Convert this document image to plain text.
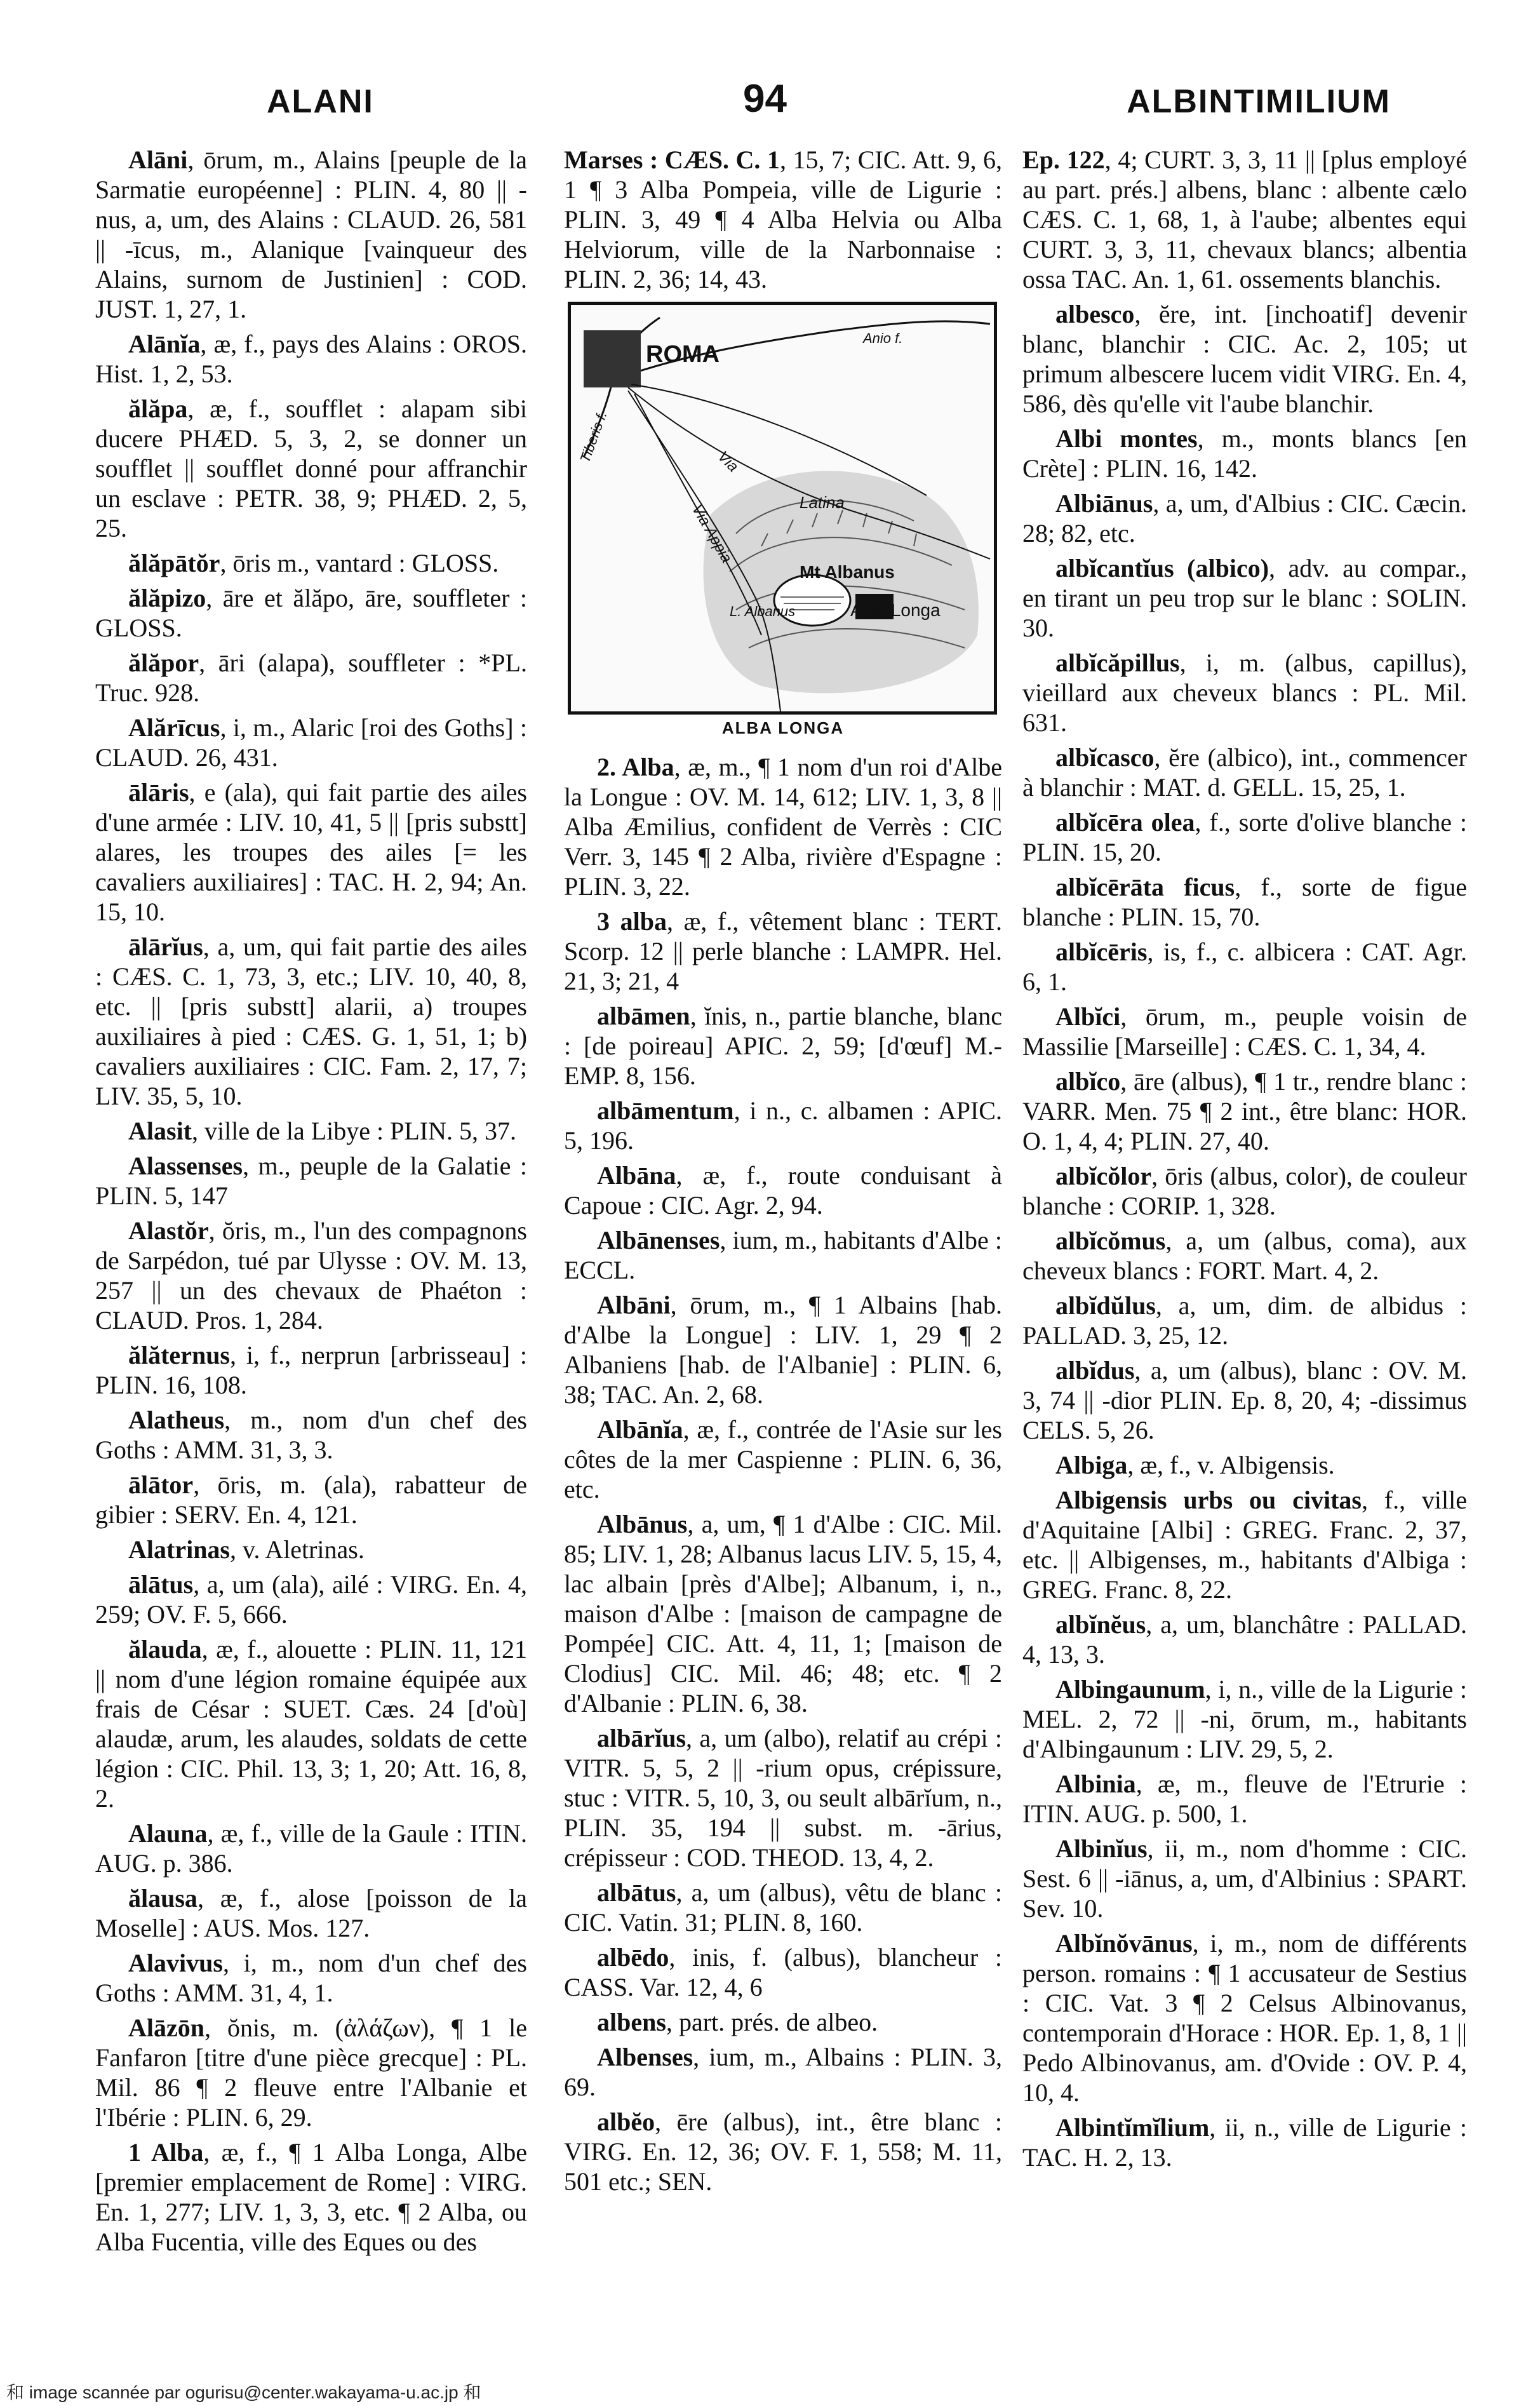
ALANI	94	ALBINTIMILIUM

Alāni, ōrum, m., Alains [peuple de la Sarmatie européenne] : PLIN. 4, 80 || -nus, a, um, des Alains : CLAUD. 26, 581 || -īcus, m., Alanique [vainqueur des Alains, surnom de Justinien] : COD. JUST. 1, 27, 1.

Alānĭa, æ, f., pays des Alains : OROS. Hist. 1, 2, 53.

ălăpa, æ, f., soufflet : alapam sibi ducere PHÆD. 5, 3, 2, se donner un soufflet || soufflet donné pour affranchir un esclave : PETR. 38, 9; PHÆD. 2, 5, 25.

ălăpātŏr, ōris m., vantard : GLOSS.

ălăpizo, āre et ălăpo, āre, souffleter : GLOSS.

ălăpor, āri (alapa), souffleter : *PL. Truc. 928.

Alărīcus, i, m., Alaric [roi des Goths] : CLAUD. 26, 431.

ālāris, e (ala), qui fait partie des ailes d'une armée : LIV. 10, 41, 5 || [pris substt] alares, les troupes des ailes [= les cavaliers auxiliaires] : TAC. H. 2, 94; An. 15, 10.

ālārĭus, a, um, qui fait partie des ailes : CÆS. C. 1, 73, 3, etc.; LIV. 10, 40, 8, etc. || [pris substt] alarii, a) troupes auxiliaires à pied : CÆS. G. 1, 51, 1; b) cavaliers auxiliaires : CIC. Fam. 2, 17, 7; LIV. 35, 5, 10.

Alasit, ville de la Libye : PLIN. 5, 37.

Alassenses, m., peuple de la Galatie : PLIN. 5, 147

Alastŏr, ŏris, m., l'un des compagnons de Sarpédon, tué par Ulysse : OV. M. 13, 257 || un des chevaux de Phaéton : CLAUD. Pros. 1, 284.

ălăternus, i, f., nerprun [arbrisseau] : PLIN. 16, 108.

Alatheus, m., nom d'un chef des Goths : AMM. 31, 3, 3.

ālātor, ōris, m. (ala), rabatteur de gibier : SERV. En. 4, 121.

Alatrinas, v. Aletrinas.

ālātus, a, um (ala), ailé : VIRG. En. 4, 259; OV. F. 5, 666.

ălauda, æ, f., alouette : PLIN. 11, 121 || nom d'une légion romaine équipée aux frais de César : SUET. Cæs. 24 [d'où] alaudæ, arum, les alaudes, soldats de cette légion : CIC. Phil. 13, 3; 1, 20; Att. 16, 8, 2.

Alauna, æ, f., ville de la Gaule : ITIN. AUG. p. 386.

ălausa, æ, f., alose [poisson de la Moselle] : AUS. Mos. 127.

Alavivus, i, m., nom d'un chef des Goths : AMM. 31, 4, 1.

Alāzōn, ŏnis, m. (ἀλάζων), ¶ 1 le Fanfaron [titre d'une pièce grecque] : PL. Mil. 86 ¶ 2 fleuve entre l'Albanie et l'Ibérie : PLIN. 6, 29.

1 Alba, æ, f., ¶ 1 Alba Longa, Albe [premier emplacement de Rome] : VIRG. En. 1, 277; LIV. 1, 3, 3, etc. ¶ 2 Alba, ou Alba Fucentia, ville des Eques ou des

Marses : CÆS. C. 1, 15, 7; CIC. Att. 9, 6, 1 ¶ 3 Alba Pompeia, ville de Ligurie : PLIN. 3, 49 ¶ 4 Alba Helvia ou Alba Helviorum, ville de la Narbonnaise : PLIN. 2, 36; 14, 43.

ROMA
Anio f.
Tiberis f.
Latina
Via
Via Appia
Mt Albanus
L. Albanus	Alba Longa
ALBA LONGA

2. Alba, æ, m., ¶ 1 nom d'un roi d'Albe la Longue : OV. M. 14, 612; LIV. 1, 3, 8 || Alba Æmilius, confident de Verrès : CIC Verr. 3, 145 ¶ 2 Alba, rivière d'Espagne : PLIN. 3, 22.

3 alba, æ, f., vêtement blanc : TERT. Scorp. 12 || perle blanche : LAMPR. Hel. 21, 3; 21, 4

albāmen, ĭnis, n., partie blanche, blanc : [de poireau] APIC. 2, 59; [d'œuf] M.-EMP. 8, 156.

albāmentum, i n., c. albamen : APIC. 5, 196.

Albāna, æ, f., route conduisant à Capoue : CIC. Agr. 2, 94.

Albānenses, ium, m., habitants d'Albe : ECCL.

Albāni, ōrum, m., ¶ 1 Albains [hab. d'Albe la Longue] : LIV. 1, 29 ¶ 2 Albaniens [hab. de l'Albanie] : PLIN. 6, 38; TAC. An. 2, 68.

Albānĭa, æ, f., contrée de l'Asie sur les côtes de la mer Caspienne : PLIN. 6, 36, etc.

Albānus, a, um, ¶ 1 d'Albe : CIC. Mil. 85; LIV. 1, 28; Albanus lacus LIV. 5, 15, 4, lac albain [près d'Albe]; Albanum, i, n., maison d'Albe : [maison de campagne de Pompée] CIC. Att. 4, 11, 1; [maison de Clodius] CIC. Mil. 46; 48; etc. ¶ 2 d'Albanie : PLIN. 6, 38.

albārĭus, a, um (albo), relatif au crépi : VITR. 5, 5, 2 || -rium opus, crépissure, stuc : VITR. 5, 10, 3, ou seult albārĭum, n., PLIN. 35, 194 || subst. m. -ārius, crépisseur : COD. THEOD. 13, 4, 2.

albātus, a, um (albus), vêtu de blanc : CIC. Vatin. 31; PLIN. 8, 160.

albēdo, inis, f. (albus), blancheur : CASS. Var. 12, 4, 6

albens, part. prés. de albeo.

Albenses, ium, m., Albains : PLIN. 3, 69.

albĕo, ēre (albus), int., être blanc : VIRG. En. 12, 36; OV. F. 1, 558; M. 11, 501 etc.; SEN.

Ep. 122, 4; CURT. 3, 3, 11 || [plus employé au part. prés.] albens, blanc : albente cælo CÆS. C. 1, 68, 1, à l'aube; albentes equi CURT. 3, 3, 11, chevaux blancs; albentia ossa TAC. An. 1, 61. ossements blanchis.

albesco, ĕre, int. [inchoatif] devenir blanc, blanchir : CIC. Ac. 2, 105; ut primum albescere lucem vidit VIRG. En. 4, 586, dès qu'elle vit l'aube blanchir.

Albi montes, m., monts blancs [en Crète] : PLIN. 16, 142.

Albiānus, a, um, d'Albius : CIC. Cæcin. 28; 82, etc.

albĭcantĭus (albico), adv. au compar., en tirant un peu trop sur le blanc : SOLIN. 30.

albĭcăpillus, i, m. (albus, capillus), vieillard aux cheveux blancs : PL. Mil. 631.

albĭcasco, ĕre (albico), int., commencer à blanchir : MAT. d. GELL. 15, 25, 1.

albĭcēra olea, f., sorte d'olive blanche : PLIN. 15, 20.

albĭcērāta ficus, f., sorte de figue blanche : PLIN. 15, 70.

albĭcēris, is, f., c. albicera : CAT. Agr. 6, 1.

Albĭci, ōrum, m., peuple voisin de Massilie [Marseille] : CÆS. C. 1, 34, 4.

albĭco, āre (albus), ¶ 1 tr., rendre blanc : VARR. Men. 75 ¶ 2 int., être blanc: HOR. O. 1, 4, 4; PLIN. 27, 40.

albĭcŏlor, ōris (albus, color), de couleur blanche : CORIP. 1, 328.

albĭcŏmus, a, um (albus, coma), aux cheveux blancs : FORT. Mart. 4, 2.

albĭdŭlus, a, um, dim. de albidus : PALLAD. 3, 25, 12.

albĭdus, a, um (albus), blanc : OV. M. 3, 74 || -dior PLIN. Ep. 8, 20, 4; -dissimus CELS. 5, 26.

Albiga, æ, f., v. Albigensis.

Albigensis urbs ou civitas, f., ville d'Aquitaine [Albi] : GREG. Franc. 2, 37, etc. || Albigenses, m., habitants d'Albiga : GREG. Franc. 8, 22.

albĭnĕus, a, um, blanchâtre : PALLAD. 4, 13, 3.

Albingaunum, i, n., ville de la Ligurie : MEL. 2, 72 || -ni, ōrum, m., habitants d'Albingaunum : LIV. 29, 5, 2.

Albinia, æ, m., fleuve de l'Etrurie : ITIN. AUG. p. 500, 1.

Albinĭus, ii, m., nom d'homme : CIC. Sest. 6 || -iānus, a, um, d'Albinius : SPART. Sev. 10.

Albĭnŏvānus, i, m., nom de différents person. romains : ¶ 1 accusateur de Sestius : CIC. Vat. 3 ¶ 2 Celsus Albinovanus, contemporain d'Horace : HOR. Ep. 1, 8, 1 || Pedo Albinovanus, am. d'Ovide : OV. P. 4, 10, 4.

Albintĭmĭlium, ii, n., ville de Ligurie : TAC. H. 2, 13.

和 image scannée par ogurisu@center.wakayama-u.ac.jp 和
